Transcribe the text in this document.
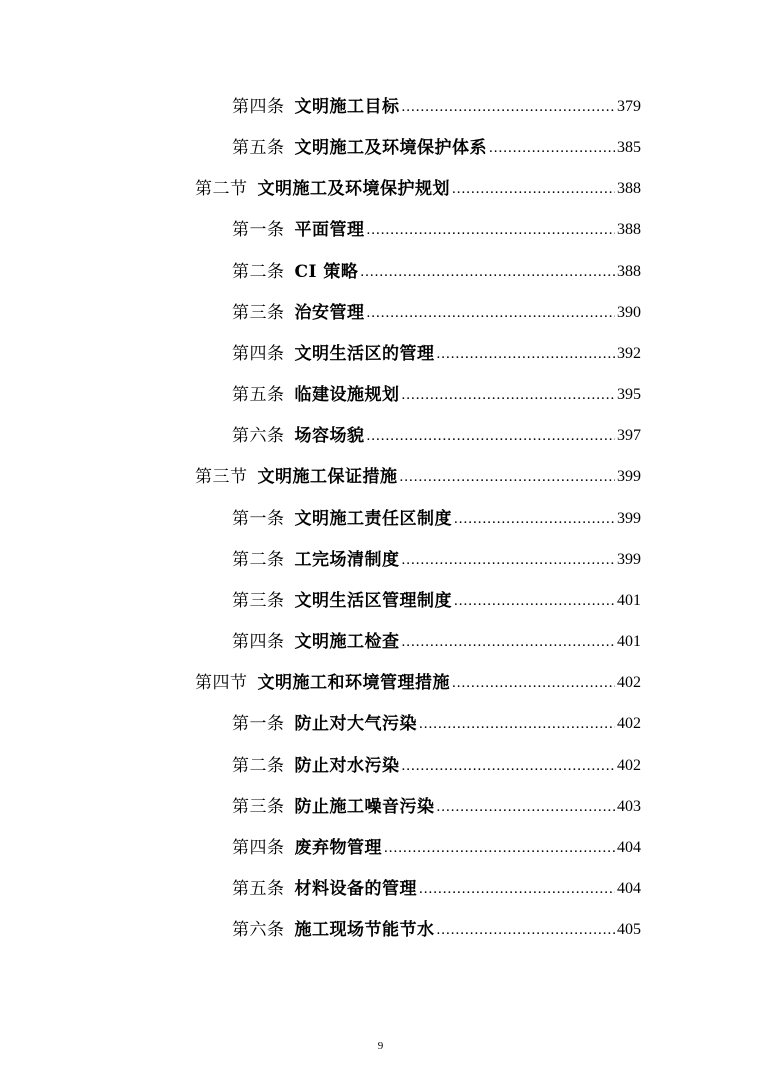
第四条 文明施工目标 .....	379
第五条 文明施工及环境保护体系 .....	385
第二节 文明施工及环境保护规划 .....	388
第一条 平面管理 .....	388
第二条 CI 策略 .....	388
第三条 治安管理 .....	390
第四条 文明生活区的管理 .....	392
第五条 临建设施规划 .....	395
第六条 场容场貌 .....	397
第三节 文明施工保证措施 .....	399
第一条 文明施工责任区制度 .....	399
第二条 工完场清制度 .....	399
第三条 文明生活区管理制度 .....	401
第四条 文明施工检查 .....	401
第四节 文明施工和环境管理措施 .....	402
第一条 防止对大气污染 .....	402
第二条 防止对水污染 .....	402
第三条 防止施工噪音污染 .....	403
第四条 废弃物管理 .....	404
第五条 材料设备的管理 .....	404
第六条 施工现场节能节水 .....	405
9
